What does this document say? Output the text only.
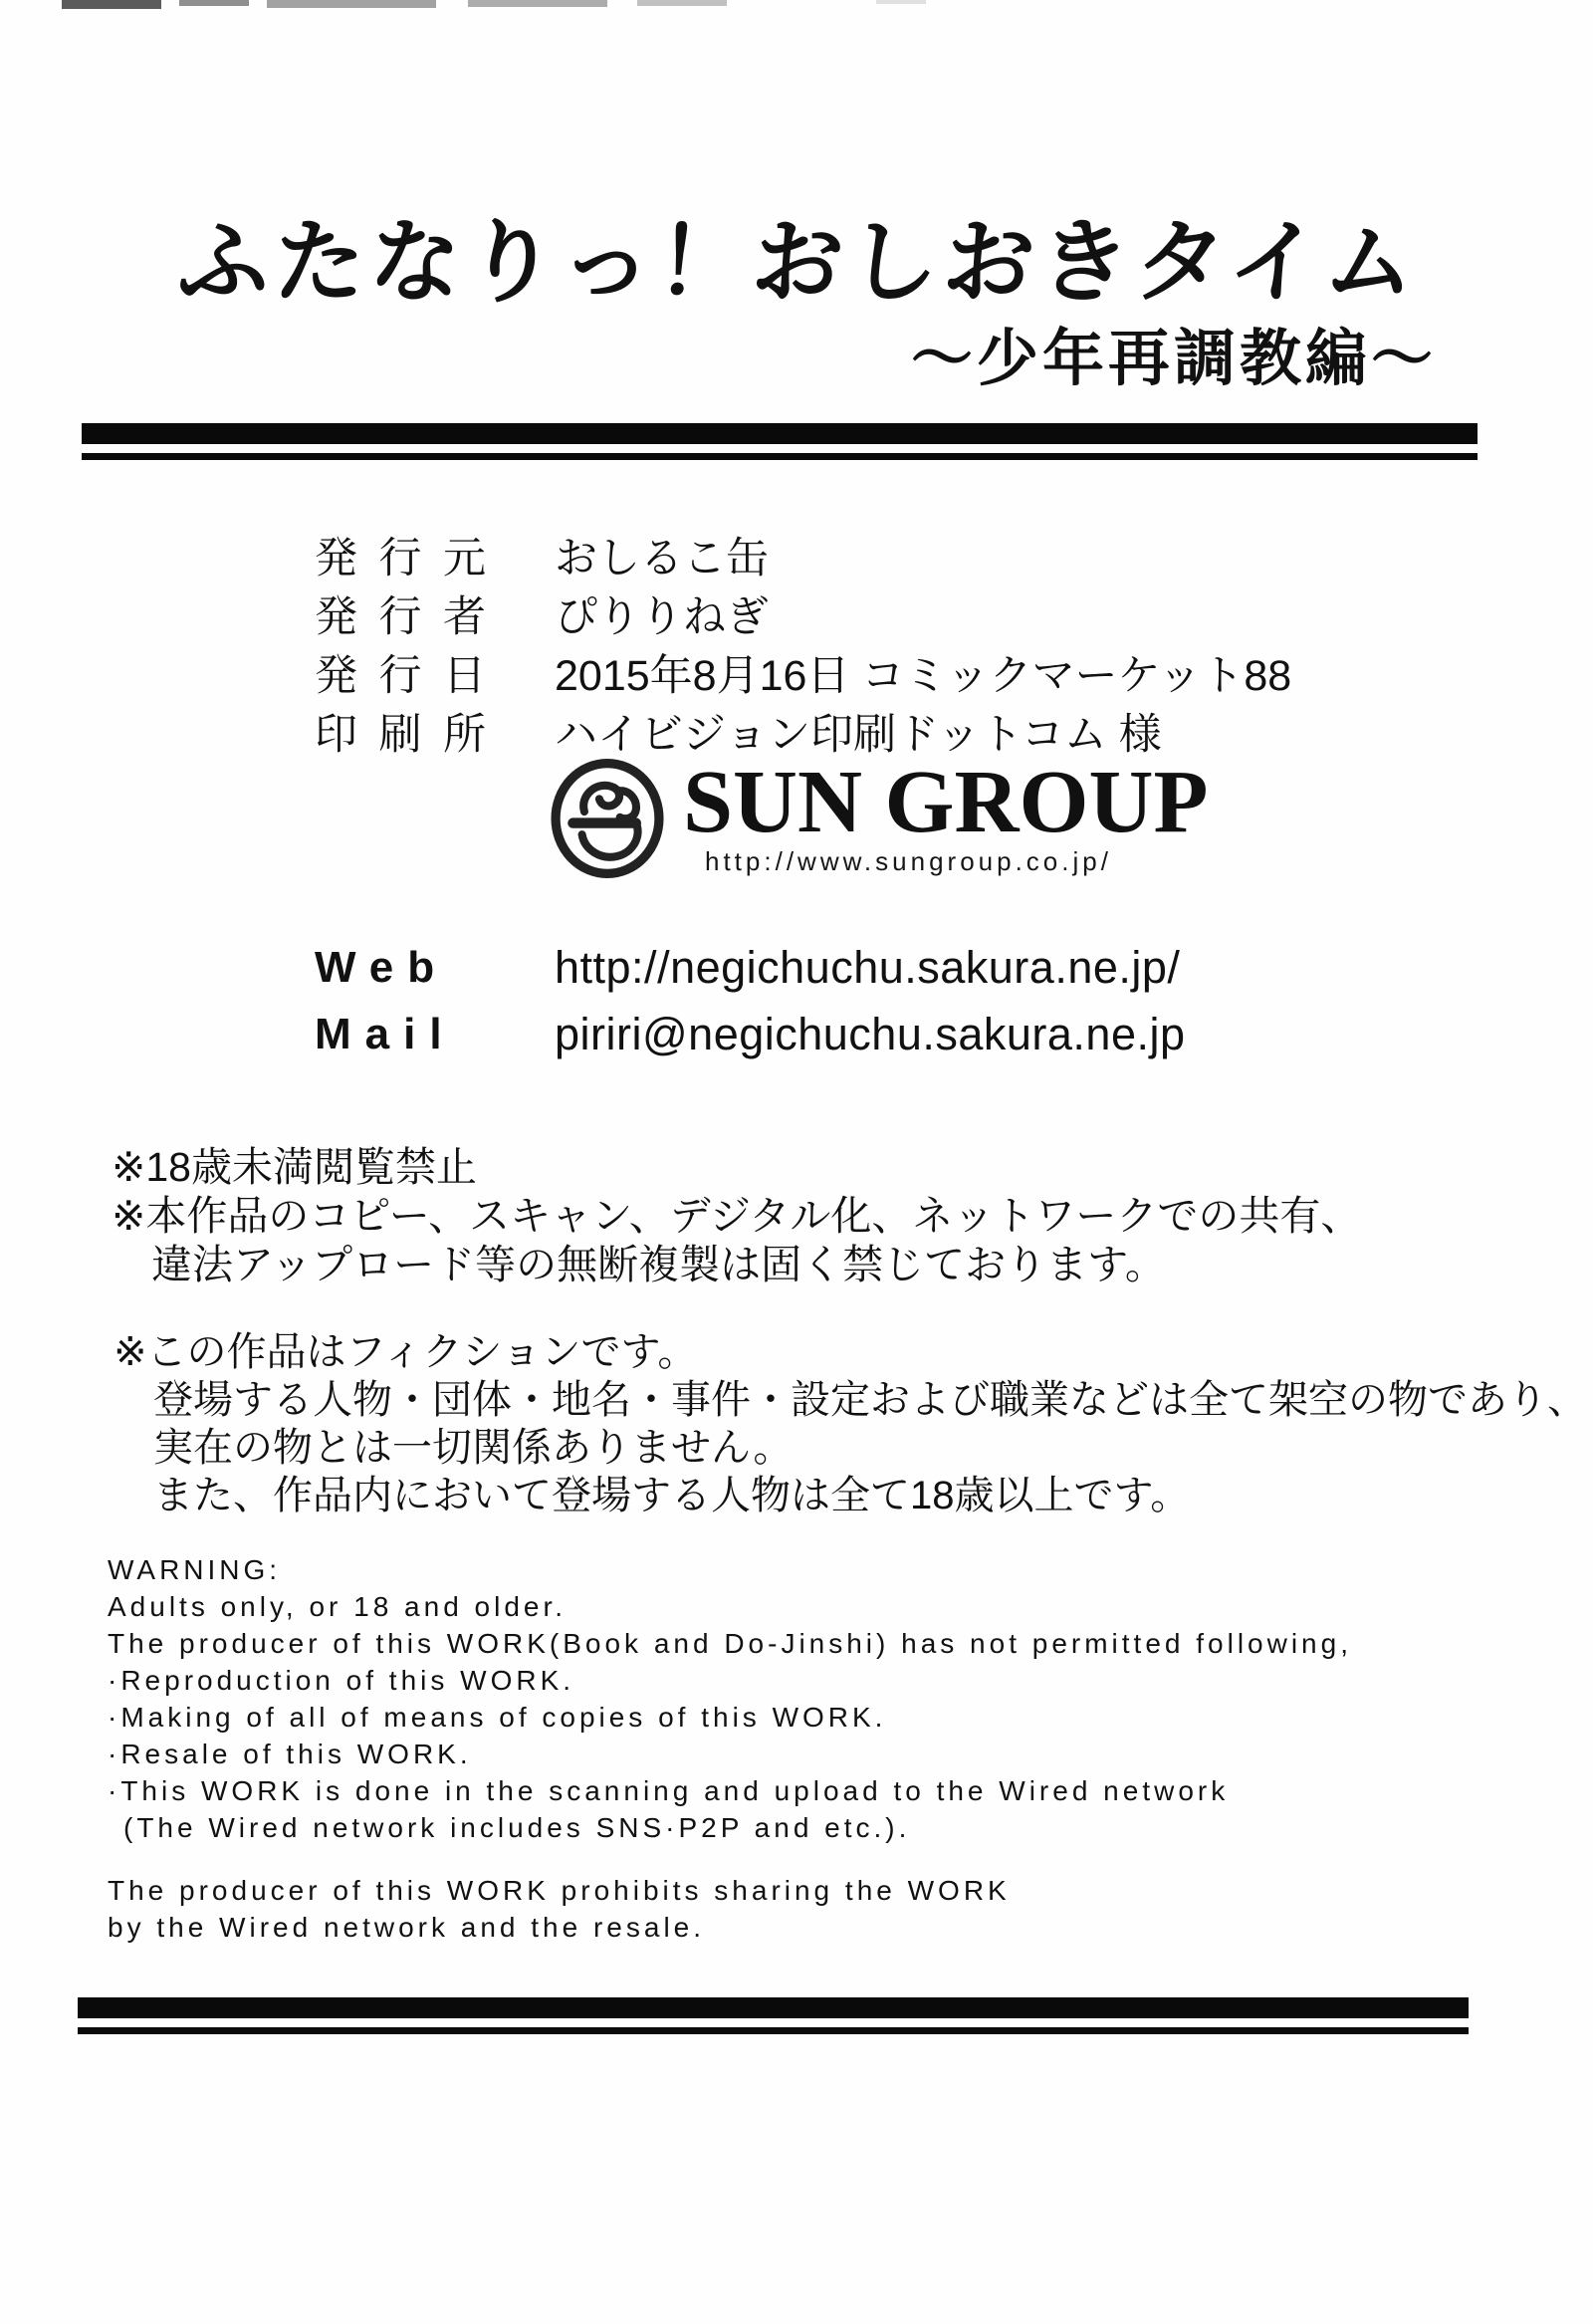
ふたなりっ！おしおきタイム
～少年再調教編～
発行元	おしるこ缶
発行者	ぴりりねぎ
発行日	2015年8月16日 コミックマーケット88
印刷所	ハイビジョン印刷ドットコム 様
SUN GROUP
http://www.sungroup.co.jp/
Web	http://negichuchu.sakura.ne.jp/
Mail	piriri@negichuchu.sakura.ne.jp
※18歳未満閲覧禁止
※本作品のコピー、スキャン、デジタル化、ネットワークでの共有、
違法アップロード等の無断複製は固く禁じております。
※この作品はフィクションです。
登場する人物・団体・地名・事件・設定および職業などは全て架空の物であり、
実在の物とは一切関係ありません。
また、作品内において登場する人物は全て18歳以上です。
WARNING:
Adults only, or 18 and older.
The producer of this WORK(Book and Do-Jinshi) has not permitted following,
·Reproduction of this WORK.
·Making of all of means of copies of this WORK.
·Resale of this WORK.
·This WORK is done in the scanning and upload to the Wired network
(The Wired network includes SNS·P2P and etc.).
The producer of this WORK prohibits sharing the WORK
by the Wired network and the resale.
